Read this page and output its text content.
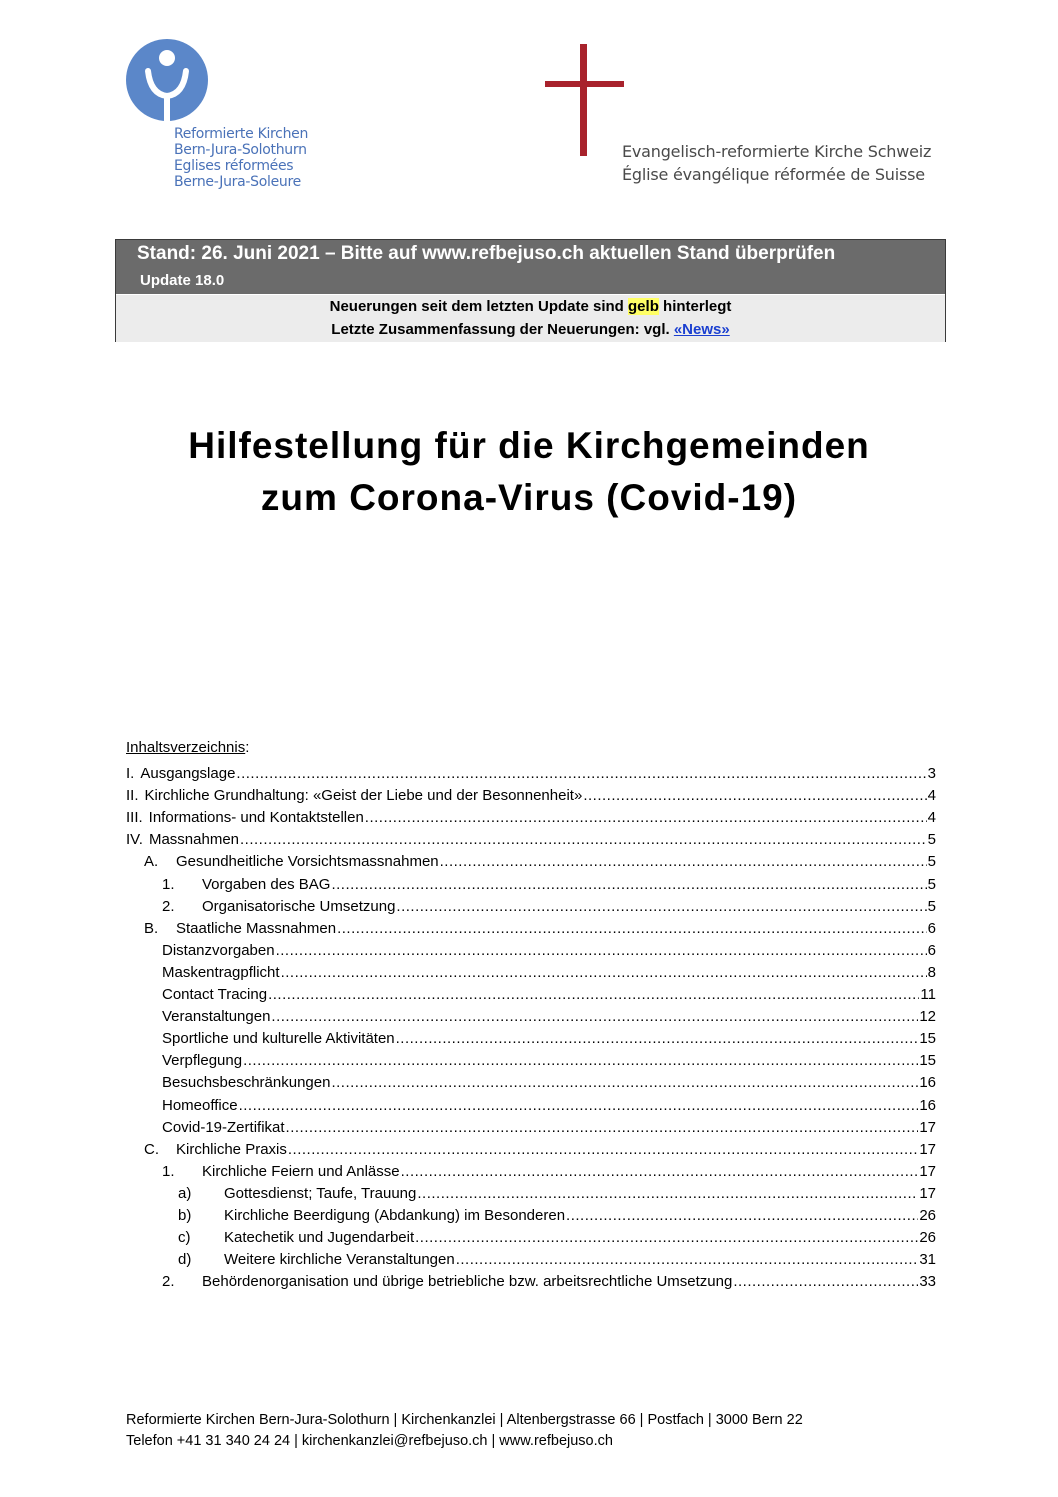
Reformierte Kirchen
Bern-Jura-Solothurn
Eglises réformées
Berne-Jura-Soleure
Evangelisch-reformierte Kirche Schweiz
Église évangélique réformée de Suisse
Stand: 26. Juni 2021 – Bitte auf www.refbejuso.ch aktuellen Stand überprüfen
Update 18.0
Neuerungen seit dem letzten Update sind gelb hinterlegt
Letzte Zusammenfassung der Neuerungen: vgl. «News»
Hilfestellung für die Kirchgemeinden
zum Corona-Virus (Covid-19)
Inhaltsverzeichnis:
I. Ausgangslage .....	3
II. Kirchliche Grundhaltung: «Geist der Liebe und der Besonnenheit» .....	4
III. Informations- und Kontaktstellen .....	4
IV. Massnahmen .....	5
A.	Gesundheitliche Vorsichtsmassnahmen .....	5
1.	Vorgaben des BAG .....	5
2.	Organisatorische Umsetzung .....	5
B.	Staatliche Massnahmen .....	6
Distanzvorgaben .....	6
Maskentragpflicht .....	8
Contact Tracing .....	11
Veranstaltungen .....	12
Sportliche und kulturelle Aktivitäten .....	15
Verpflegung .....	15
Besuchsbeschränkungen .....	16
Homeoffice .....	16
Covid-19-Zertifikat .....	17
C.	Kirchliche Praxis .....	17
1.	Kirchliche Feiern und Anlässe .....	17
a)	Gottesdienst; Taufe, Trauung .....	17
b)	Kirchliche Beerdigung (Abdankung) im Besonderen .....	26
c)	Katechetik und Jugendarbeit .....	26
d)	Weitere kirchliche Veranstaltungen .....	31
2.	Behördenorganisation und übrige betriebliche bzw. arbeitsrechtliche Umsetzung .....	33
Reformierte Kirchen Bern-Jura-Solothurn | Kirchenkanzlei | Altenbergstrasse 66 | Postfach | 3000 Bern 22
Telefon +41 31 340 24 24 | kirchenkanzlei@refbejuso.ch | www.refbejuso.ch
